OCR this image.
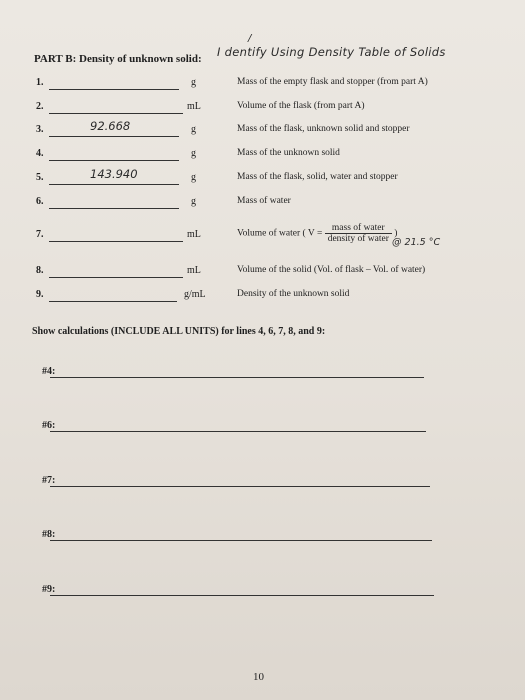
PART B: Density of unknown solid:
/
I dentify Using Density Table of Solids
1.	g	Mass of the empty flask and stopper (from part A)
2.	mL	Volume of the flask (from part A)
3.	92.668	g	Mass of the flask, unknown solid and stopper
4.	g	Mass of the unknown solid
5.	143.940	g	Mass of the flask, solid, water and stopper
6.	g	Mass of water
7.	mL	Volume of water ( V =
mass of water
density of water
)
@ 21.5 °C
8.	mL	Volume of the solid (Vol. of flask – Vol. of water)
9.	g/mL	Density of the unknown solid
Show calculations (INCLUDE ALL UNITS) for lines 4, 6, 7, 8, and 9:
#4:
#6:
#7:
#8:
#9:
10
